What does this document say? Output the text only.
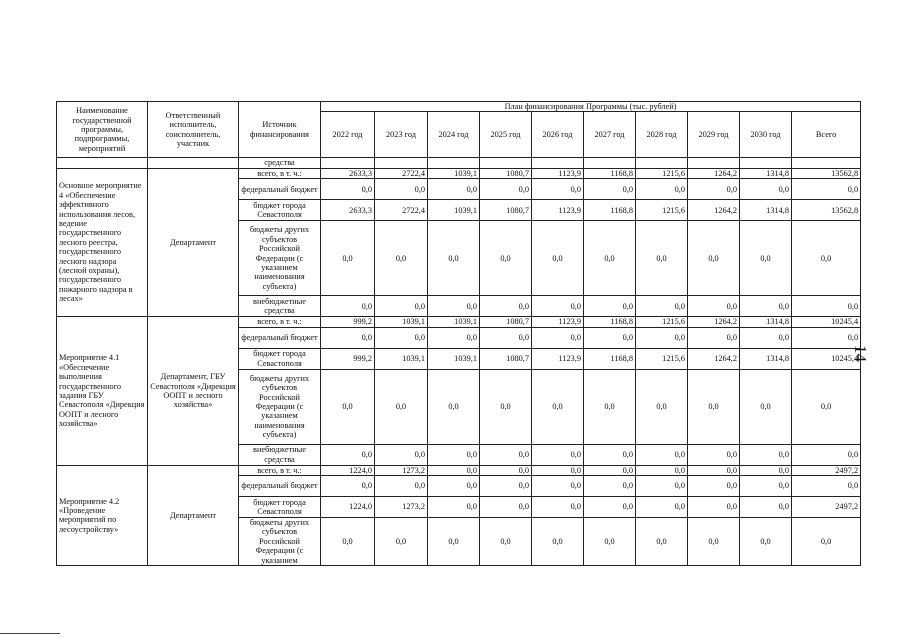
Наименование государственной программы, подпрограммы, мероприятий	Ответственный исполнитель, соисполнитель, участник	Источник финансирования	План финансирования Программы (тыс. рублей)									
			2022 год	2023 год	2024 год	2025 год	2026 год	2027 год	2028 год	2029 год	2030 год	Всего
		средства										
Основное мероприятие 4 «Обеспечение эффективного использования лесов, ведение государственного лесного реестра, государственного лесного надзора (лесной охраны), государственного пожарного надзора в лесах»	Департамент	всего, в т. ч.:	2633,3	2722,4	1039,1	1080,7	1123,9	1168,8	1215,6	1264,2	1314,8	13562,8
		федеральный бюджет	0,0	0,0	0,0	0,0	0,0	0,0	0,0	0,0	0,0	0,0
		бюджет города Севастополя	2633,3	2722,4	1039,1	1080,7	1123,9	1168,8	1215,6	1264,2	1314,8	13562,8
		бюджеты других субъектов Российской Федерации (с указанием наименования субъекта)	0,0	0,0	0,0	0,0	0,0	0,0	0,0	0,0	0,0	0,0
		внебюджетные средства	0,0	0,0	0,0	0,0	0,0	0,0	0,0	0,0	0,0	0,0
Мероприятие 4.1 «Обеспечение выполнения государственного задания ГБУ Севастополя «Дирекция ООПТ и лесного хозяйства»	Департамент, ГБУ Севастополя «Дирекция ООПТ и лесного хозяйства»	всего, в т. ч.:	999,2	1039,1	1039,1	1080,7	1123,9	1168,8	1215,6	1264,2	1314,8	10245,4
		федеральный бюджет	0,0	0,0	0,0	0,0	0,0	0,0	0,0	0,0	0,0	0,0
		бюджет города Севастополя	999,2	1039,1	1039,1	1080,7	1123,9	1168,8	1215,6	1264,2	1314,8	10245,4
		бюджеты других субъектов Российской Федерации (с указанием наименования субъекта)	0,0	0,0	0,0	0,0	0,0	0,0	0,0	0,0	0,0	0,0
		внебюджетные средства	0,0	0,0	0,0	0,0	0,0	0,0	0,0	0,0	0,0	0,0
Мероприятие 4.2 «Проведение мероприятий по лесоустройству»	Департамент	всего, в т. ч.:	1224,0	1273,2	0,0	0,0	0,0	0,0	0,0	0,0	0,0	2497,2
		федеральный бюджет	0,0	0,0	0,0	0,0	0,0	0,0	0,0	0,0	0,0	0,0
		бюджет города Севастополя	1224,0	1273,2	0,0	0,0	0,0	0,0	0,0	0,0	0,0	2497,2
		бюджеты других субъектов Российской Федерации (с указанием	0,0	0,0	0,0	0,0	0,0	0,0	0,0	0,0	0,0	0,0
14
